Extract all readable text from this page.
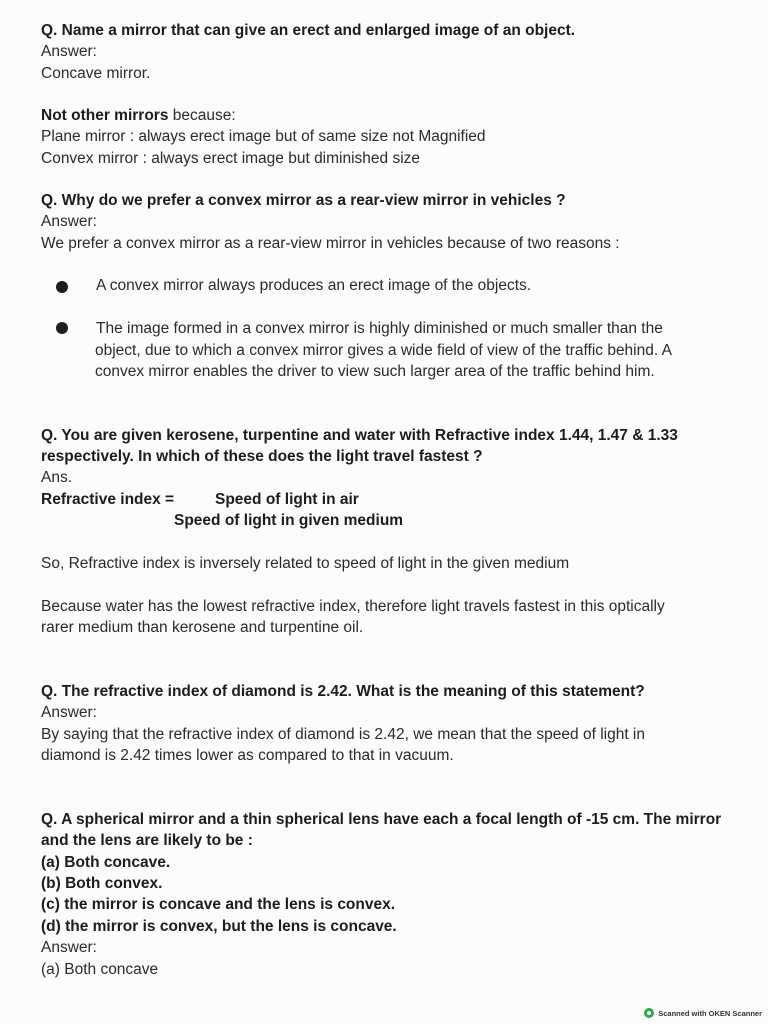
Q. Name a mirror that can give an erect and enlarged image of an object.
Answer:
Concave mirror.
Not other mirrors because:
Plane mirror : always erect image but of same size not Magnified
Convex mirror : always erect image but diminished size
Q. Why do we prefer a convex mirror as a rear-view mirror in vehicles ?
Answer:
We prefer a convex mirror as a rear-view mirror in vehicles because of two reasons :
A convex mirror always produces an erect image of the objects.
The image formed in a convex mirror is highly diminished or much smaller than the
object, due to which a convex mirror gives a wide field of view of the traffic behind. A
convex mirror enables the driver to view such larger area of the traffic behind him.
Q. You are given kerosene, turpentine and water with Refractive index 1.44, 1.47 & 1.33
respectively. In which of these does the light travel fastest ?
Ans.
Refractive index =	Speed of light in air
Speed of light in given medium
So, Refractive index is inversely related to speed of light in the given medium
Because water has the lowest refractive index, therefore light travels fastest in this optically
rarer medium than kerosene and turpentine oil.
Q. The refractive index of diamond is 2.42. What is the meaning of this statement?
Answer:
By saying that the refractive index of diamond is 2.42, we mean that the speed of light in
diamond is 2.42 times lower as compared to that in vacuum.
Q. A spherical mirror and a thin spherical lens have each a focal length of -15 cm. The mirror
and the lens are likely to be :
(a) Both concave.
(b) Both convex.
(c) the mirror is concave and the lens is convex.
(d) the mirror is convex, but the lens is concave.
Answer:
(a) Both concave
Scanned with OKEN Scanner
